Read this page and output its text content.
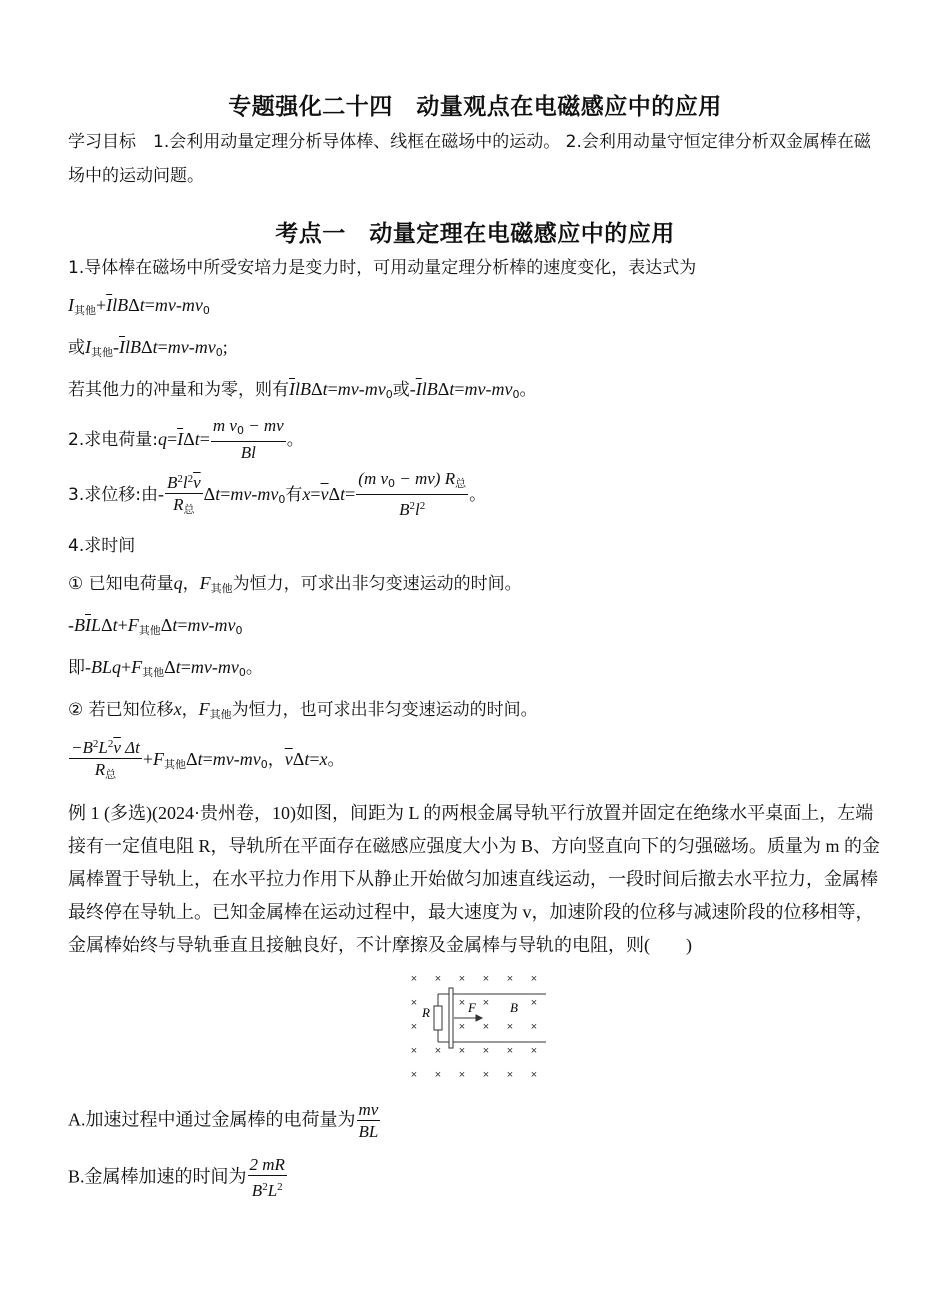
专题强化二十四　动量观点在电磁感应中的应用

学习目标　1.会利用动量定理分析导体棒、线框在磁场中的运动。 2.会利用动量守恒定律分析双金属棒在磁场中的运动问题。

考点一　动量定理在电磁感应中的应用

1.导体棒在磁场中所受安培力是变力时，可用动量定理分析棒的速度变化，表达式为

$I_{其他}+\overline{I}lB\Delta t=mv-mv_0$

或$I_{其他}-\overline{I}lB\Delta t=mv-mv_0$;

若其他力的冲量和为零，则有$\overline{I}lB\Delta t=mv-mv_0$或$-\overline{I}lB\Delta t=mv-mv_0$。

2.求电荷量$:q=\overline{I}\Delta t= \frac{m v_0 - mv}{Bl}$ 。

3.求位移:由- $\frac{B^2l^2\overline{v}}{R_总} \Delta t=mv-mv_0$有$x=\overline{v}\Delta t= \frac{(m v_0 - mv) R_总}{B^2l^2}$ 。

4.求时间

① 已知电荷量q，$F_{其他}$为恒力，可求出非匀变速运动的时间。

$-B\overline{I}L\Delta t+F_{其他}\Delta t=mv-mv_0$

即$-BLq+F_{其他}\Delta t=mv-mv_0$。

② 若已知位移x，$F_{其他}$为恒力，也可求出非匀变速运动的时间。

$\frac{-B^2L^2\overline{v} \Delta t}{R_总} +F_{其他}\Delta t=mv-mv_0$，$\overline{v}\Delta t=x$。

例 1 (多选)(2024·贵州卷，10)如图，间距为 L 的两根金属导轨平行放置并固定在绝缘水平桌面上，左端接有一定值电阻 R，导轨所在平面存在磁感应强度大小为 B、方向竖直向下的匀强磁场。质量为 m 的金属棒置于导轨上，在水平拉力作用下从静止开始做匀加速直线运动，一段时间后撤去水平拉力，金属棒最终停在导轨上。已知金属棒在运动过程中，最大速度为 v，加速阶段的位移与减速阶段的位移相等，金属棒始终与导轨垂直且接触良好，不计摩擦及金属棒与导轨的电阻，则(　　)

× × × × × ×
×	× ×	×
×	× × × ×
× × × × × ×
× × × × × ×
R	F	B

A.加速过程中通过金属棒的电荷量为 $\frac{mv}{BL}$

B.金属棒加速的时间为 $\frac{2 mR}{B^2L^2}$
